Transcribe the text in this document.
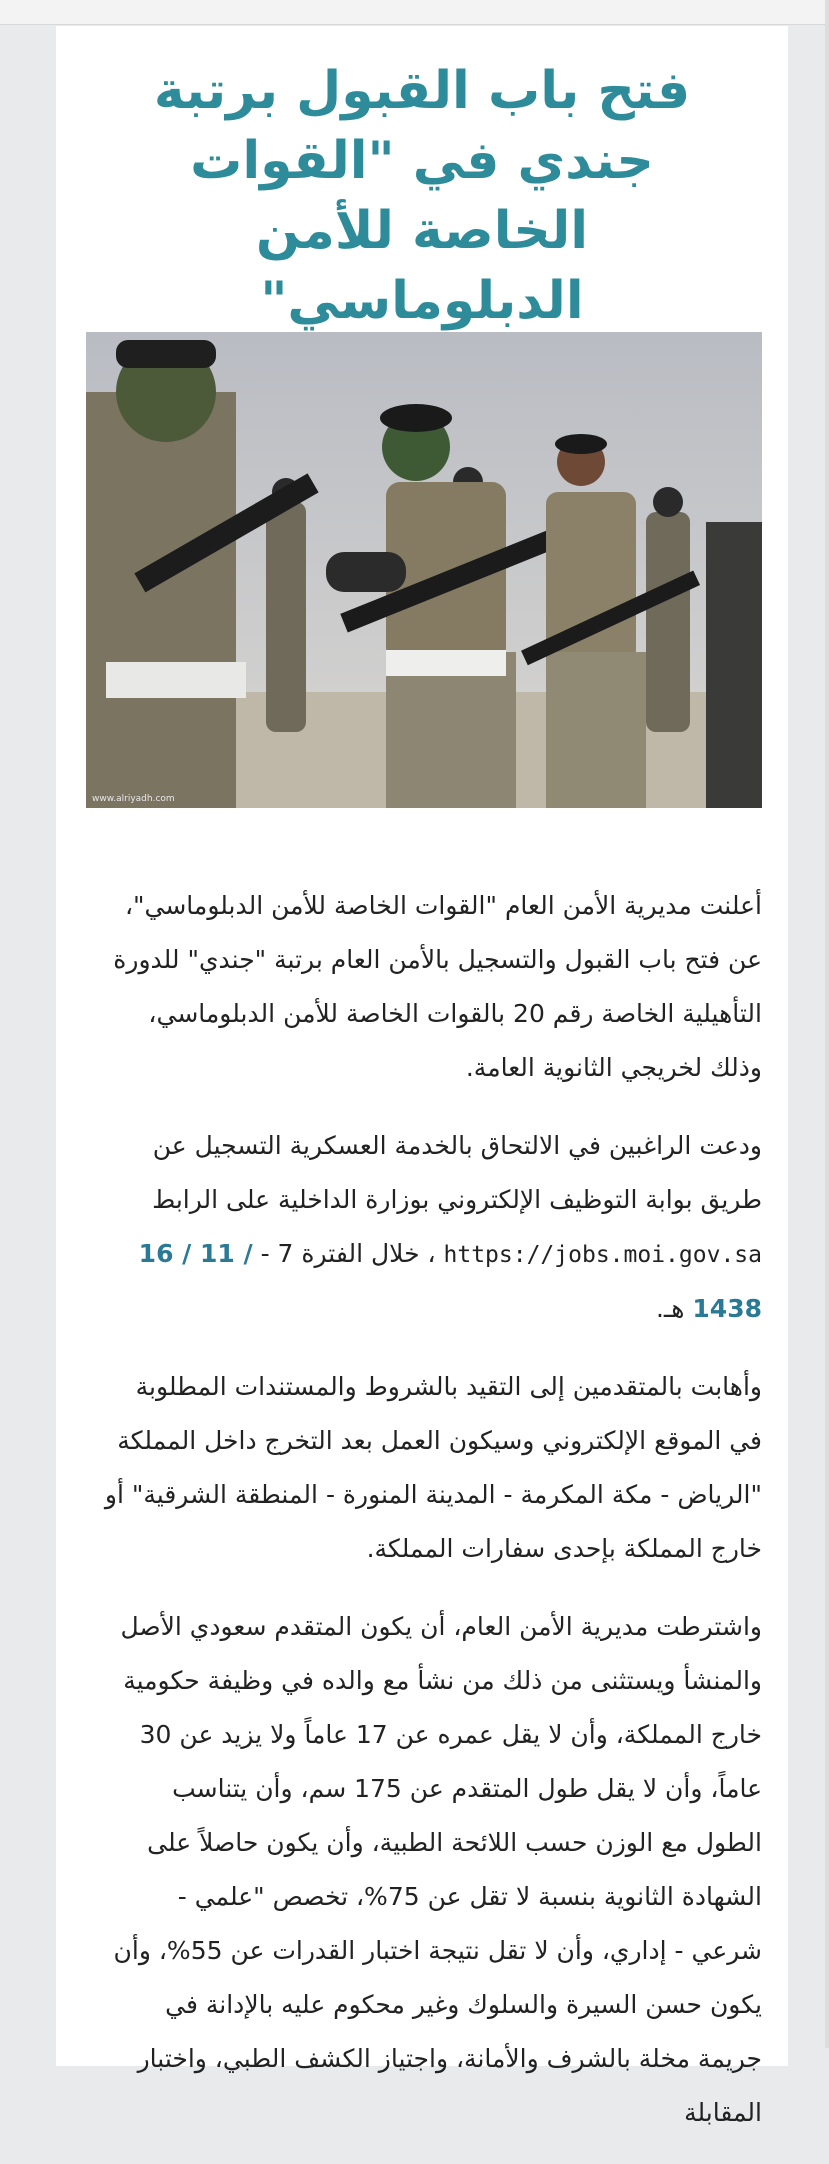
فتح باب القبول برتبة جندي في "القوات الخاصة للأمن الدبلوماسي"
www.alriyadh.com

أعلنت مديرية الأمن العام "القوات الخاصة للأمن الدبلوماسي"، عن فتح باب القبول والتسجيل بالأمن العام برتبة "جندي" للدورة التأهيلية الخاصة رقم 20 بالقوات الخاصة للأمن الدبلوماسي، وذلك لخريجي الثانوية العامة.

ودعت الراغبين في الالتحاق بالخدمة العسكرية التسجيل عن طريق بوابة التوظيف الإلكتروني بوزارة الداخلية على الرابط https://jobs.moi.gov.sa ، خلال الفترة 7 - 16 / 11 / 1438 هـ.

وأهابت بالمتقدمين إلى التقيد بالشروط والمستندات المطلوبة في الموقع الإلكتروني وسيكون العمل بعد التخرج داخل المملكة "الرياض - مكة المكرمة - المدينة المنورة - المنطقة الشرقية" أو خارج المملكة بإحدى سفارات المملكة.

واشترطت مديرية الأمن العام، أن يكون المتقدم سعودي الأصل والمنشأ ويستثنى من ذلك من نشأ مع والده في وظيفة حكومية خارج المملكة، وأن لا يقل عمره عن 17 عاماً ولا يزيد عن 30 عاماً، وأن لا يقل طول المتقدم عن 175 سم، وأن يتناسب الطول مع الوزن حسب اللائحة الطبية، وأن يكون حاصلاً على الشهادة الثانوية بنسبة لا تقل عن 75%، تخصص "علمي - شرعي - إداري، وأن لا تقل نتيجة اختبار القدرات عن 55%، وأن يكون حسن السيرة والسلوك وغير محكوم عليه بالإدانة في جريمة مخلة بالشرف والأمانة، واجتياز الكشف الطبي، واختبار المقابلة
